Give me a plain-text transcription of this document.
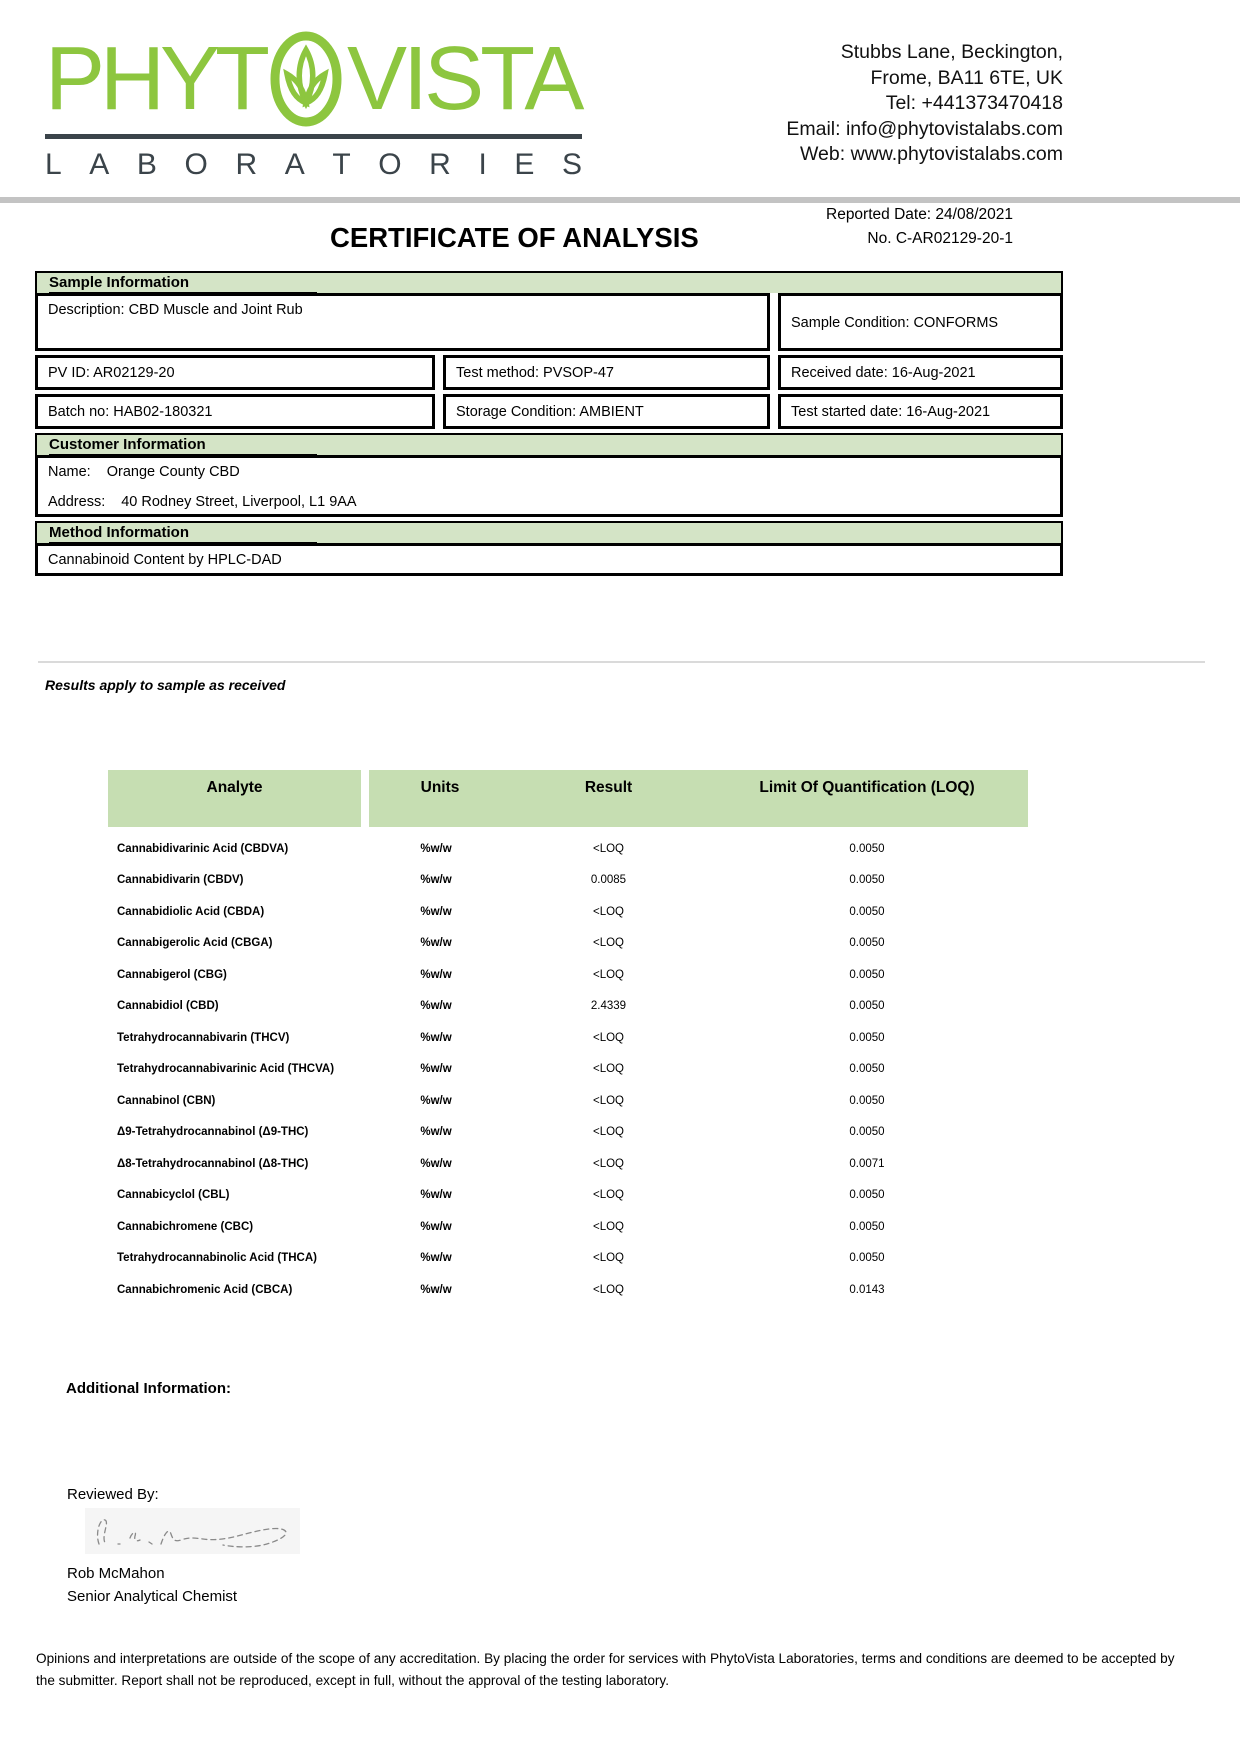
PHYT VISTA
L A B O R A T O R I E S
Stubbs Lane, Beckington,
Frome, BA11 6TE, UK
Tel: +441373470418
Email: info@phytovistalabs.com
Web: www.phytovistalabs.com
Reported Date: 24/08/2021
No. C-AR02129-20-1
CERTIFICATE OF ANALYSIS
Sample Information
Description: CBD Muscle and Joint Rub
Sample Condition: CONFORMS
PV ID: AR02129-20	Test method: PVSOP-47	Received date: 16-Aug-2021
Batch no: HAB02-180321	Storage Condition: AMBIENT	Test started date: 16-Aug-2021
Customer Information
Name: Orange County CBD
Address: 40 Rodney Street, Liverpool, L1 9AA
Method Information
Cannabinoid Content by HPLC-DAD
Results apply to sample as received
Analyte	Units	Result	Limit Of Quantification (LOQ)
Cannabidivarinic Acid (CBDVA)	%w/w	<LOQ	0.0050
Cannabidivarin (CBDV)	%w/w	0.0085	0.0050
Cannabidiolic Acid (CBDA)	%w/w	<LOQ	0.0050
Cannabigerolic Acid (CBGA)	%w/w	<LOQ	0.0050
Cannabigerol (CBG)	%w/w	<LOQ	0.0050
Cannabidiol (CBD)	%w/w	2.4339	0.0050
Tetrahydrocannabivarin (THCV)	%w/w	<LOQ	0.0050
Tetrahydrocannabivarinic Acid (THCVA)	%w/w	<LOQ	0.0050
Cannabinol (CBN)	%w/w	<LOQ	0.0050
Δ9-Tetrahydrocannabinol (Δ9-THC)	%w/w	<LOQ	0.0050
Δ8-Tetrahydrocannabinol (Δ8-THC)	%w/w	<LOQ	0.0071
Cannabicyclol (CBL)	%w/w	<LOQ	0.0050
Cannabichromene (CBC)	%w/w	<LOQ	0.0050
Tetrahydrocannabinolic Acid (THCA)	%w/w	<LOQ	0.0050
Cannabichromenic Acid (CBCA)	%w/w	<LOQ	0.0143
Additional Information:
Reviewed By:
Rob McMahon
Senior Analytical Chemist
Opinions and interpretations are outside of the scope of any accreditation. By placing the order for services with PhytoVista Laboratories, terms and conditions are deemed to be accepted by the submitter. Report shall not be reproduced, except in full, without the approval of the testing laboratory.
